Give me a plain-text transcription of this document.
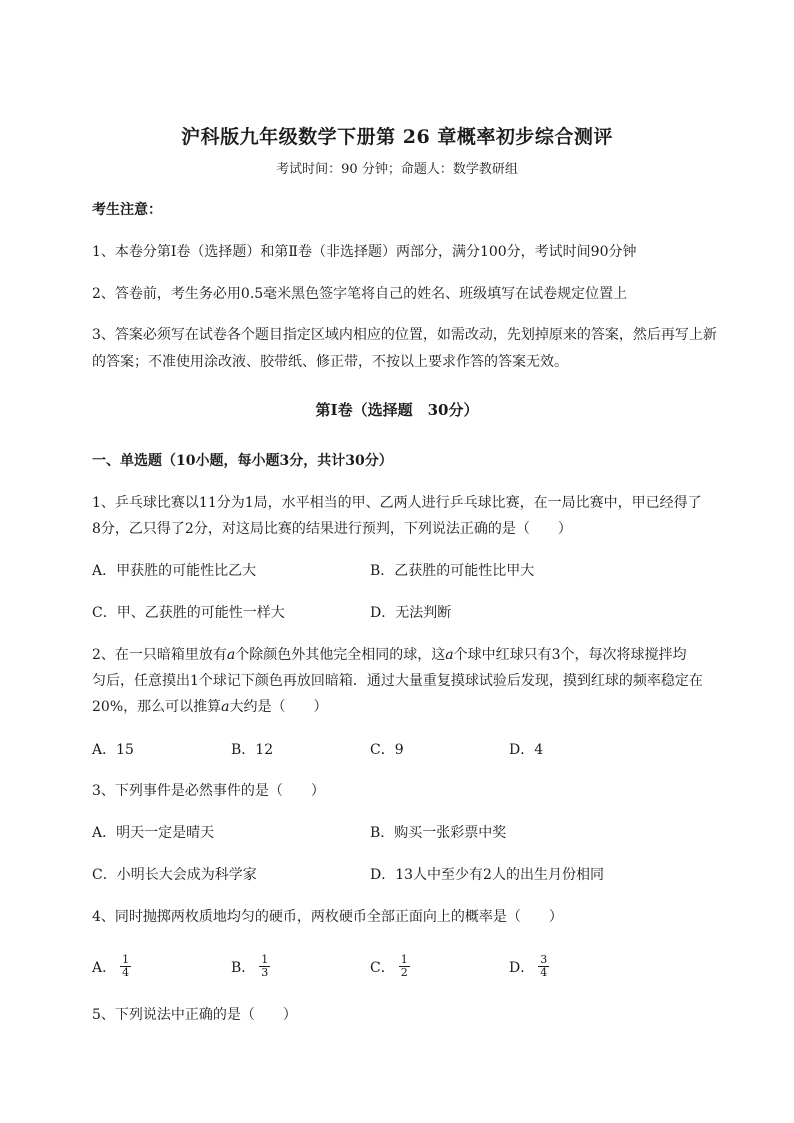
沪科版九年级数学下册第 26 章概率初步综合测评
考试时间：90 分钟；命题人：数学教研组
考生注意：
1、本卷分第Ⅰ卷（选择题）和第Ⅱ卷（非选择题）两部分，满分100分，考试时间90分钟
2、答卷前，考生务必用0.5毫米黑色签字笔将自己的姓名、班级填写在试卷规定位置上
3、答案必须写在试卷各个题目指定区域内相应的位置，如需改动，先划掉原来的答案，然后再写上新
的答案；不准使用涂改液、胶带纸、修正带，不按以上要求作答的答案无效。
第Ⅰ卷（选择题　30分）
一、单选题（10小题，每小题3分，共计30分）
1、乒乓球比赛以11分为1局，水平相当的甲、乙两人进行乒乓球比赛，在一局比赛中，甲已经得了
8分，乙只得了2分，对这局比赛的结果进行预判，下列说法正确的是（　　）
A．甲获胜的可能性比乙大	B．乙获胜的可能性比甲大
C．甲、乙获胜的可能性一样大	D．无法判断
2、在一只暗箱里放有a个除颜色外其他完全相同的球，这a个球中红球只有3个，每次将球搅拌均
匀后，任意摸出1个球记下颜色再放回暗箱．通过大量重复摸球试验后发现，摸到红球的频率稳定在
20%，那么可以推算a大约是（　　）
A．15	B．12	C．9	D．4
3、下列事件是必然事件的是（　　）
A．明天一定是晴天	B．购买一张彩票中奖
C．小明长大会成为科学家	D．13人中至少有2人的出生月份相同
4、同时抛掷两枚质地均匀的硬币，两枚硬币全部正面向上的概率是（　　）
A． $\frac{1}{4}$	B． $\frac{1}{3}$	C． $\frac{1}{2}$	D． $\frac{3}{4}$
5、下列说法中正确的是（　　）
